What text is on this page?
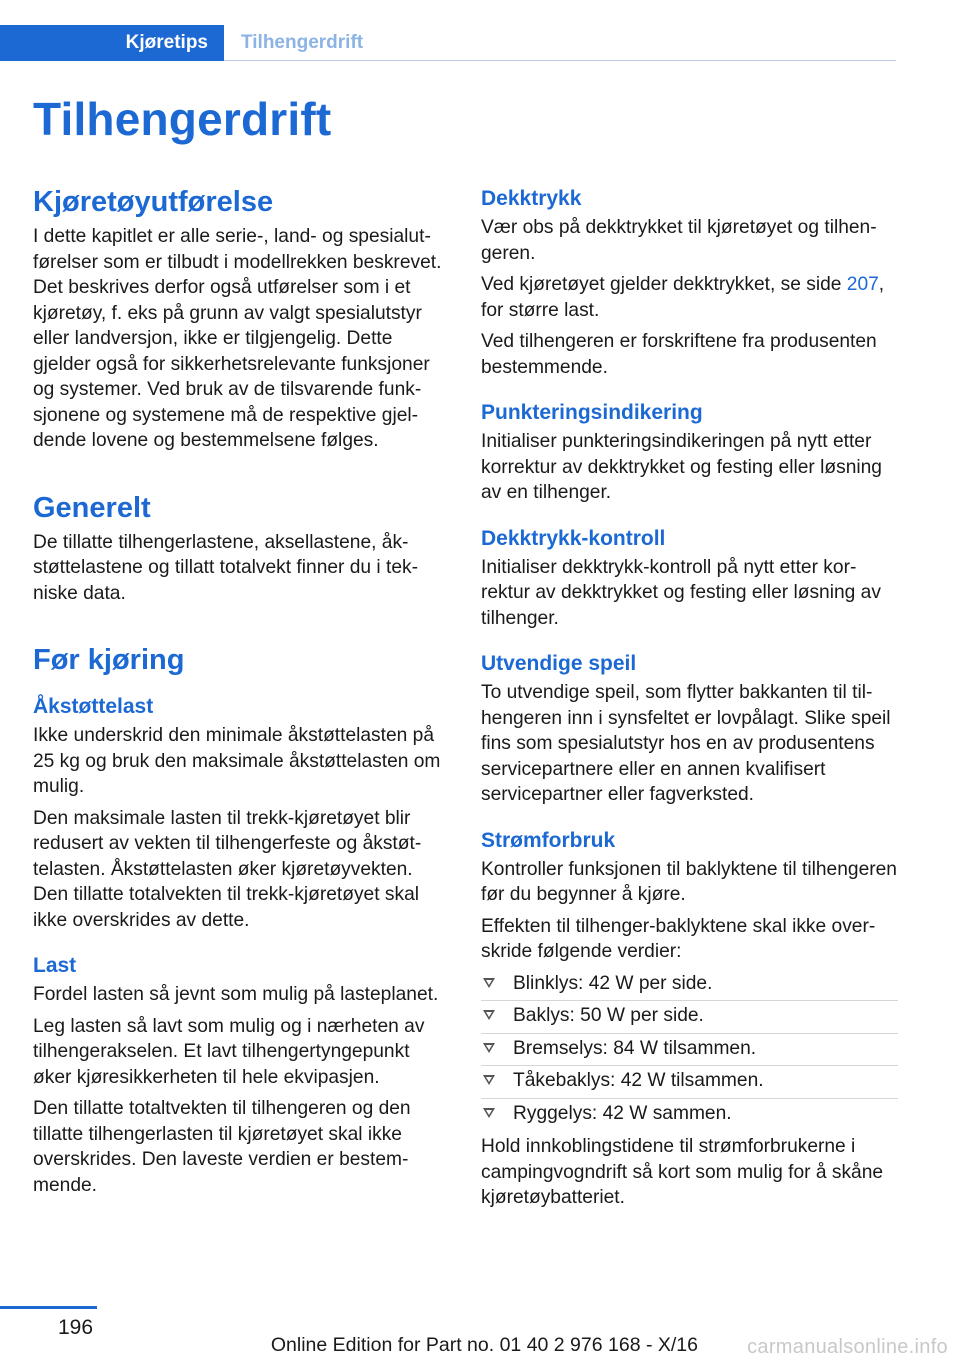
Kjøretips	Tilhengerdrift
Tilhengerdrift
Kjøretøyutførelse

I dette kapitlet er alle serie-, land- og spesialutførelser som er tilbudt i modellrekken beskrevet. Det beskrives derfor også utførelser som i et kjøretøy, f. eks på grunn av valgt spesialutstyr eller landversjon, ikke er tilgjengelig. Dette gjelder også for sikkerhetsrelevante funksjoner og systemer. Ved bruk av de tilsvarende funksjonene og systemene må de respektive gjeldende lovene og bestemmelsene følges.

Generelt

De tillatte tilhengerlastene, aksellastene, åkstøttelastene og tillatt totalvekt finner du i tekniske data.

Før kjøring
Åkstøttelast

Ikke underskrid den minimale åkstøttelasten på 25 kg og bruk den maksimale åkstøttelasten om mulig.

Den maksimale lasten til trekk-kjøretøyet blir redusert av vekten til tilhengerfeste og åkstøttelasten. Åkstøttelasten øker kjøretøyvekten. Den tillatte totalvekten til trekk-kjøretøyet skal ikke overskrides av dette.

Last

Fordel lasten så jevnt som mulig på lasteplanet.

Leg lasten så lavt som mulig og i nærheten av tilhengerakselen. Et lavt tilhengertyngepunkt øker kjøresikkerheten til hele ekvipasjen.

Den tillatte totaltvekten til tilhengeren og den tillatte tilhengerlasten til kjøretøyet skal ikke overskrides. Den laveste verdien er bestemmende.

Dekktrykk

Vær obs på dekktrykket til kjøretøyet og tilhengeren.

Ved kjøretøyet gjelder dekktrykket, se side 207, for større last.

Ved tilhengeren er forskriftene fra produsenten bestemmende.

Punkteringsindikering

Initialiser punkteringsindikeringen på nytt etter korrektur av dekktrykket og festing eller løsning av en tilhenger.

Dekktrykk-kontroll

Initialiser dekktrykk-kontroll på nytt etter korrektur av dekktrykket og festing eller løsning av tilhenger.

Utvendige speil

To utvendige speil, som flytter bakkanten til tilhengeren inn i synsfeltet er lovpålagt. Slike speil fins som spesialutstyr hos en av produsentens servicepartnere eller en annen kvalifisert servicepartner eller fagverksted.

Strømforbruk

Kontroller funksjonen til baklyktene til tilhengeren før du begynner å kjøre.

Effekten til tilhenger-baklyktene skal ikke overskride følgende verdier:

Blinklys: 42 W per side.
Baklys: 50 W per side.
Bremselys: 84 W tilsammen.
Tåkebaklys: 42 W tilsammen.
Ryggelys: 42 W sammen.

Hold innkoblingstidene til strømforbrukerne i campingvogndrift så kort som mulig for å skåne kjøretøybatteriet.

196
Online Edition for Part no. 01 40 2 976 168 - X/16 carmanualsonline.info
